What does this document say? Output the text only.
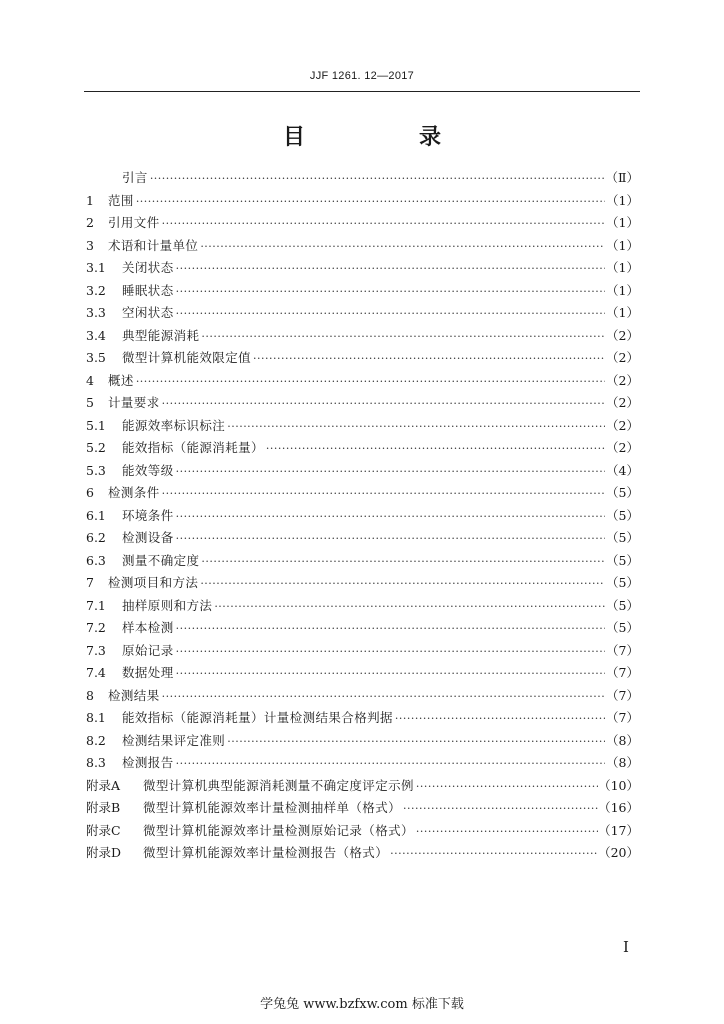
JJF 1261. 12—2017
目　录
引言 ·····	（Ⅱ）
1	范围 ·····	（1）
2	引用文件 ·····	（1）
3	术语和计量单位 ·····	（1）
3.1	关闭状态 ·····	（1）
3.2	睡眠状态 ·····	（1）
3.3	空闲状态 ·····	（1）
3.4	典型能源消耗 ·····	（2）
3.5	微型计算机能效限定值 ·····	（2）
4	概述 ·····	（2）
5	计量要求 ·····	（2）
5.1	能源效率标识标注 ·····	（2）
5.2	能效指标（能源消耗量） ·····	（2）
5.3	能效等级 ·····	（4）
6	检测条件 ·····	（5）
6.1	环境条件 ·····	（5）
6.2	检测设备 ·····	（5）
6.3	测量不确定度 ·····	（5）
7	检测项目和方法 ·····	（5）
7.1	抽样原则和方法 ·····	（5）
7.2	样本检测 ·····	（5）
7.3	原始记录 ·····	（7）
7.4	数据处理 ·····	（7）
8	检测结果 ·····	（7）
8.1	能效指标（能源消耗量）计量检测结果合格判据 ·····	（7）
8.2	检测结果评定准则 ·····	（8）
8.3	检测报告 ·····	（8）
附录A	微型计算机典型能源消耗测量不确定度评定示例 ·····	（10）
附录B	微型计算机能源效率计量检测抽样单（格式） ·····	（16）
附录C	微型计算机能源效率计量检测原始记录（格式） ·····	（17）
附录D	微型计算机能源效率计量检测报告（格式） ·····	（20）
I
学兔兔 www.bzfxw.com 标准下载
